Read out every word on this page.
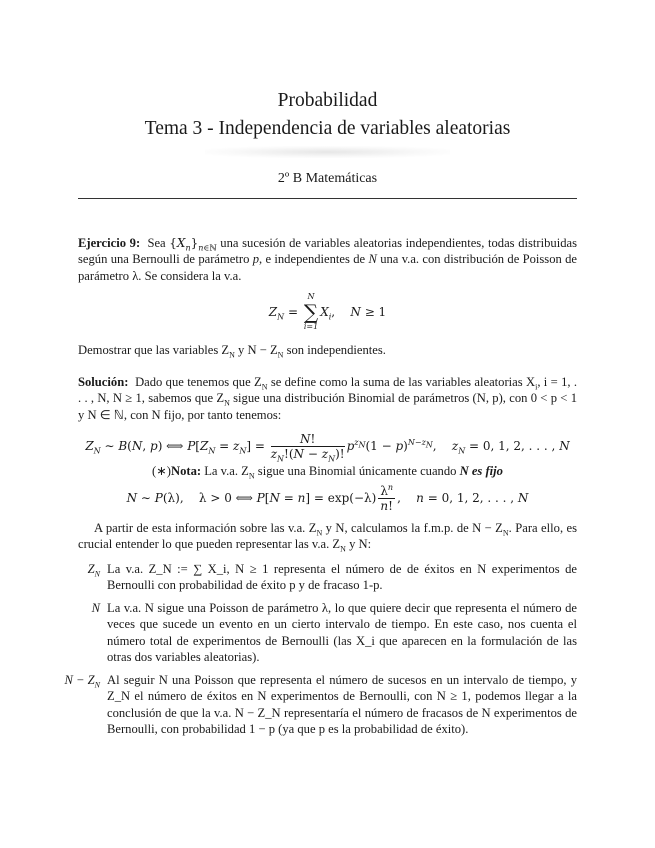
Probabilidad
Tema 3 - Independencia de variables aleatorias
2º B Matemáticas

Ejercicio 9: Sea $\{X_n\}_{n\in ℕ}$ una sucesión de variables aleatorias independientes, todas distribuidas según una Bernoulli de parámetro p, e independientes de N una v.a. con distribución de Poisson de parámetro λ. Se considera la v.a.

$Z_N$ =
N
∑
i=1
$X_i$,    N ≥ 1

Demostrar que las variables $Z_N$ y $N - Z_N$ son independientes.

Solución: Dado que tenemos que $Z_N$ se define como la suma de las variables aleatorias $X_i$, i = 1, . . . , N, N ≥ 1, sabemos que $Z_N$ sigue una distribución Binomial de parámetros (N, p), con 0 < p < 1 y N ∈ ℕ, con N fijo, por tanto tenemos:

$Z_N$ ∼ B(N, p) ⟺ $P[Z_N = z_N] = \frac{N!}{z_N!(N - z_N)!} p^{z_N}(1 - p)^{N-z_N}$,    $z_N = 0$, 1, 2, . . . , N
(∗)Nota: La v.a. $Z_N$ sigue una Binomial únicamente cuando N es fijo
N ∼ P(λ),    λ > 0 ⟺ $P[N = n] = \exp(-\lambda) \frac{\lambda^n}{n!}$ ,    n = 0, 1, 2, . . . , N

A partir de esta información sobre las v.a. $Z_N$ y N, calculamos la f.m.p. de $N - Z_N$. Para ello, es crucial entender lo que pueden representar las v.a. $Z_N$ y N:

$Z_N$ La v.a. Z_N := ∑ X_i, N ≥ 1 representa el número de de éxitos en N experimentos de Bernoulli con probabilidad de éxito p y de fracaso 1-p.

N La v.a. N sigue una Poisson de parámetro λ, lo que quiere decir que representa el número de veces que sucede un evento en un cierto intervalo de tiempo. En este caso, nos cuenta el número total de experimentos de Bernoulli (las X_i que aparecen en la formulación de las otras dos variables aleatorias).

$N - Z_N$ Al seguir N una Poisson que representa el número de sucesos en un intervalo de tiempo, y Z_N el número de éxitos en N experimentos de Bernoulli, con N ≥ 1, podemos llegar a la conclusión de que la v.a. N − Z_N representaría el número de fracasos de N experimentos de Bernoulli, con probabilidad 1 − p (ya que p es la probabilidad de éxito).
